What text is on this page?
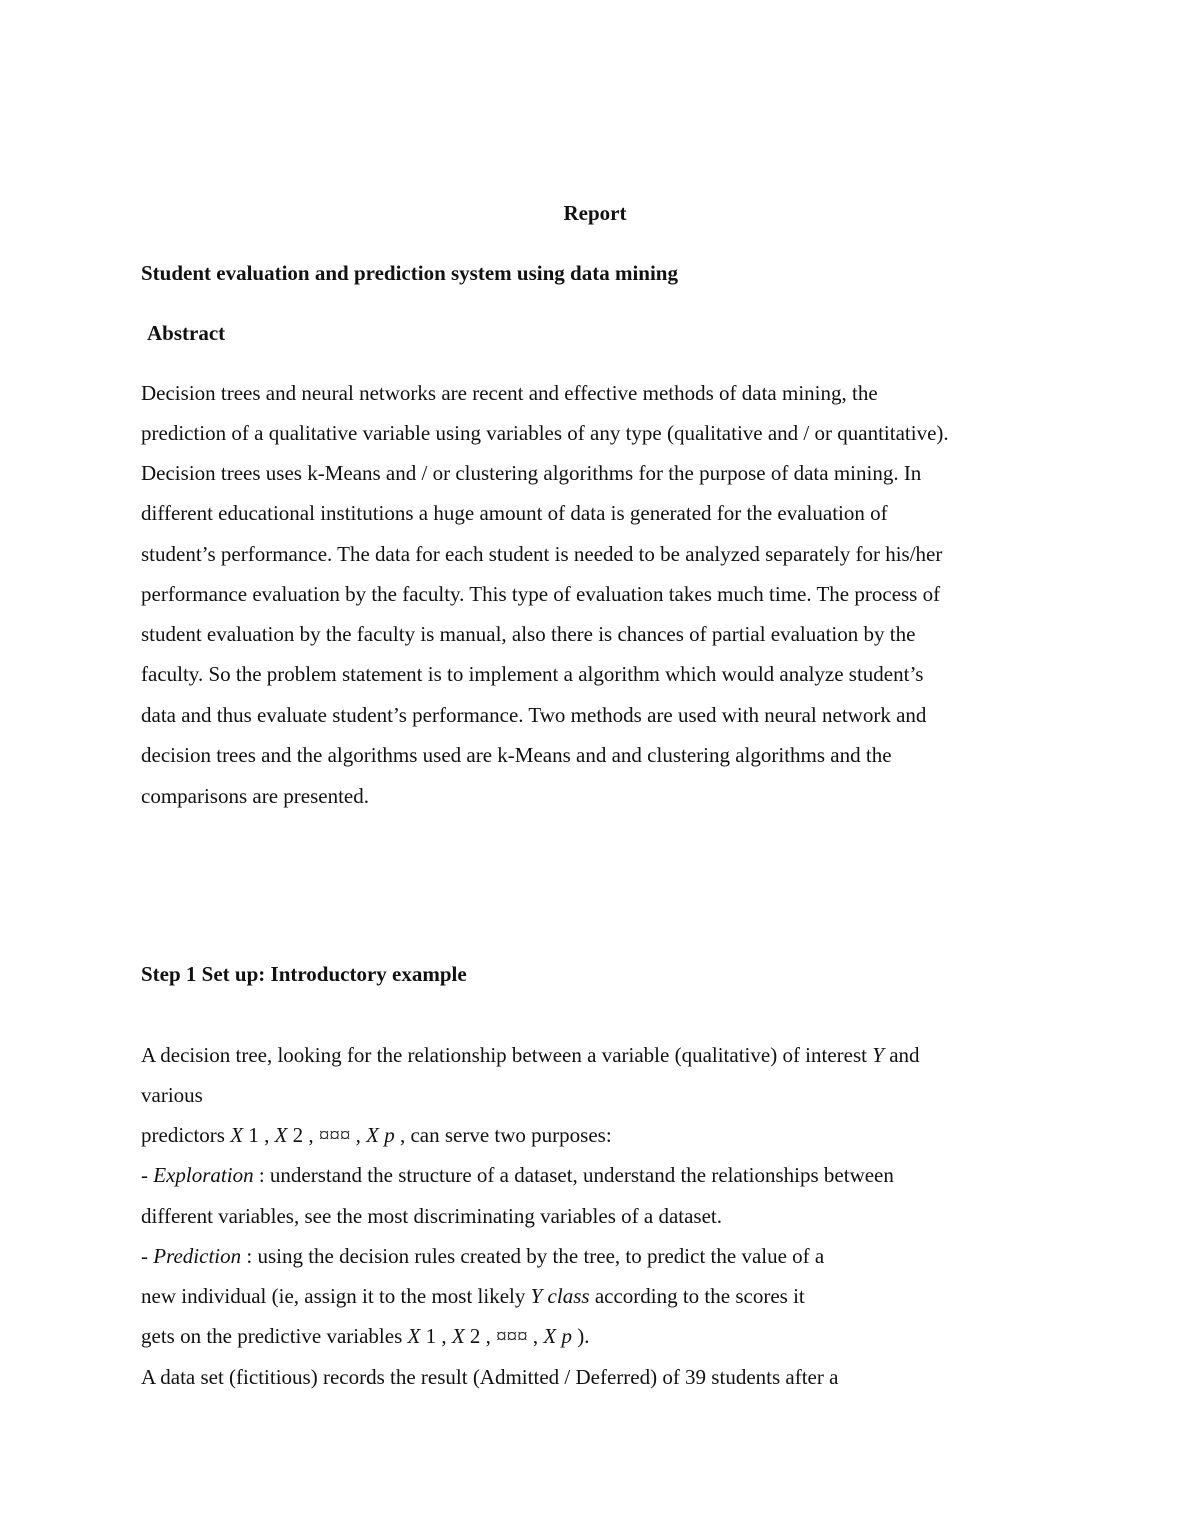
Report
Student evaluation and prediction system using data mining
Abstract
Decision trees and neural networks are recent and effective methods of data mining, the
prediction of a qualitative variable using variables of any type (qualitative and / or quantitative).
Decision trees uses k-Means and / or clustering algorithms for the purpose of data mining. In
different educational institutions a huge amount of data is generated for the evaluation of
student’s performance. The data for each student is needed to be analyzed separately for his/her
performance evaluation by the faculty. This type of evaluation takes much time. The process of
student evaluation by the faculty is manual, also there is chances of partial evaluation by the
faculty. So the problem statement is to implement a algorithm which would analyze student’s
data and thus evaluate student’s performance. Two methods are used with neural network and
decision trees and the algorithms used are k-Means and and clustering algorithms and the
comparisons are presented.
Step 1 Set up: Introductory example
A decision tree, looking for the relationship between a variable (qualitative) of interest Y and
various
predictors X 1 , X 2 , ¤¤¤ , X p , can serve two purposes:
- Exploration : understand the structure of a dataset, understand the relationships between
different variables, see the most discriminating variables of a dataset.
- Prediction : using the decision rules created by the tree, to predict the value of a
new individual (ie, assign it to the most likely Y class according to the scores it
gets on the predictive variables X 1 , X 2 , ¤¤¤ , X p ).
A data set (fictitious) records the result (Admitted / Deferred) of 39 students after a
